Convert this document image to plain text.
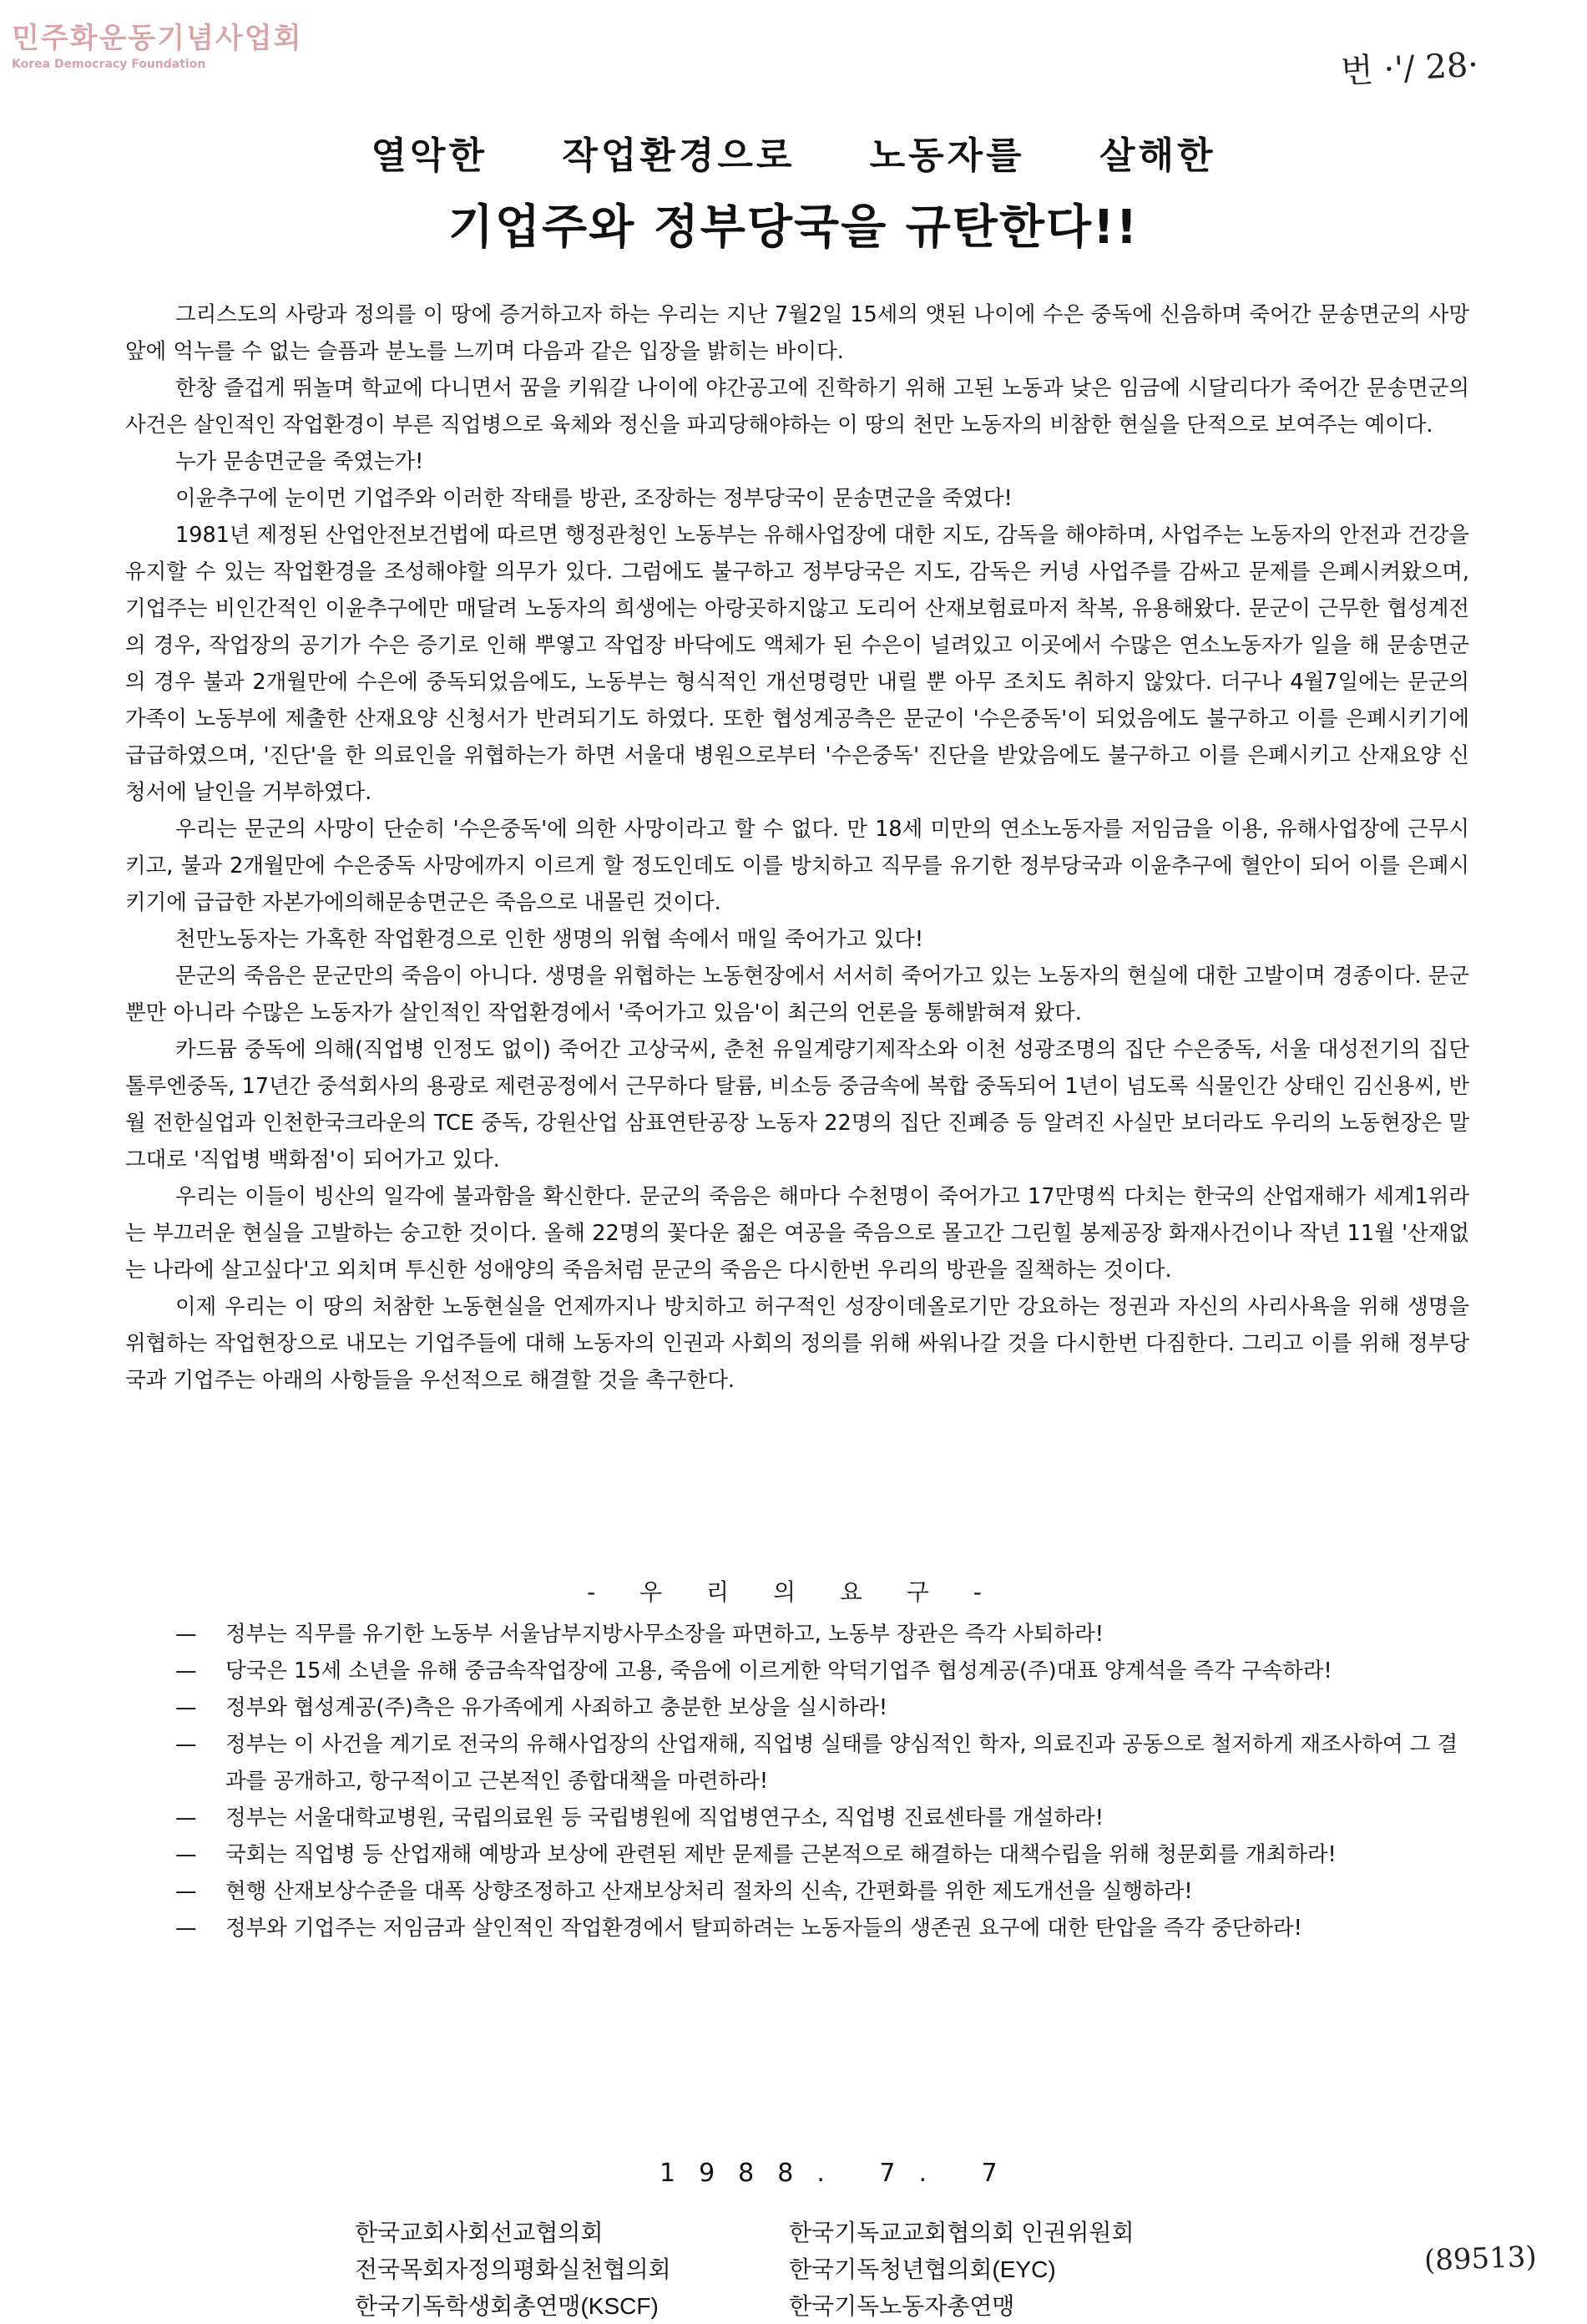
민주화운동기념사업회
Korea Democracy Foundation	번 ·'/ 28·
열악한 작업환경으로 노동자를 살해한
기업주와 정부당국을 규탄한다!!

그리스도의 사랑과 정의를 이 땅에 증거하고자 하는 우리는 지난 7월2일 15세의 앳된 나이에 수은 중독에 신음하며 죽어간 문송면군의 사망앞에 억누를 수 없는 슬픔과 분노를 느끼며 다음과 같은 입장을 밝히는 바이다.

한창 즐겁게 뛰놀며 학교에 다니면서 꿈을 키워갈 나이에 야간공고에 진학하기 위해 고된 노동과 낮은 임금에 시달리다가 죽어간 문송면군의 사건은 살인적인 작업환경이 부른 직업병으로 육체와 정신을 파괴당해야하는 이 땅의 천만 노동자의 비참한 현실을 단적으로 보여주는 예이다.

누가 문송면군을 죽였는가!

이윤추구에 눈이먼 기업주와 이러한 작태를 방관, 조장하는 정부당국이 문송면군을 죽였다!

1981년 제정된 산업안전보건법에 따르면 행정관청인 노동부는 유해사업장에 대한 지도, 감독을 해야하며, 사업주는 노동자의 안전과 건강을 유지할 수 있는 작업환경을 조성해야할 의무가 있다. 그럼에도 불구하고 정부당국은 지도, 감독은 커녕 사업주를 감싸고 문제를 은폐시켜왔으며, 기업주는 비인간적인 이윤추구에만 매달려 노동자의 희생에는 아랑곳하지않고 도리어 산재보험료마저 착복, 유용해왔다. 문군이 근무한 협성계전의 경우, 작업장의 공기가 수은 증기로 인해 뿌옇고 작업장 바닥에도 액체가 된 수은이 널려있고 이곳에서 수많은 연소노동자가 일을 해 문송면군의 경우 불과 2개월만에 수은에 중독되었음에도, 노동부는 형식적인 개선명령만 내릴 뿐 아무 조치도 취하지 않았다. 더구나 4월7일에는 문군의 가족이 노동부에 제출한 산재요양 신청서가 반려되기도 하였다. 또한 협성계공측은 문군이 '수은중독'이 되었음에도 불구하고 이를 은폐시키기에 급급하였으며, '진단'을 한 의료인을 위협하는가 하면 서울대 병원으로부터 '수은중독' 진단을 받았음에도 불구하고 이를 은폐시키고 산재요양 신청서에 날인을 거부하였다.

우리는 문군의 사망이 단순히 '수은중독'에 의한 사망이라고 할 수 없다. 만 18세 미만의 연소노동자를 저임금을 이용, 유해사업장에 근무시키고, 불과 2개월만에 수은중독 사망에까지 이르게 할 정도인데도 이를 방치하고 직무를 유기한 정부당국과 이윤추구에 혈안이 되어 이를 은폐시키기에 급급한 자본가에의해문송면군은 죽음으로 내몰린 것이다.

천만노동자는 가혹한 작업환경으로 인한 생명의 위협 속에서 매일 죽어가고 있다!

문군의 죽음은 문군만의 죽음이 아니다. 생명을 위협하는 노동현장에서 서서히 죽어가고 있는 노동자의 현실에 대한 고발이며 경종이다. 문군뿐만 아니라 수많은 노동자가 살인적인 작업환경에서 '죽어가고 있음'이 최근의 언론을 통해밝혀져 왔다.

카드뮴 중독에 의해(직업병 인정도 없이) 죽어간 고상국씨, 춘천 유일계량기제작소와 이천 성광조명의 집단 수은중독, 서울 대성전기의 집단 톨루엔중독, 17년간 중석회사의 용광로 제련공정에서 근무하다 탈륨, 비소등 중금속에 복합 중독되어 1년이 넘도록 식물인간 상태인 김신용씨, 반월 전한실업과 인천한국크라운의 TCE 중독, 강원산업 삼표연탄공장 노동자 22명의 집단 진폐증 등 알려진 사실만 보더라도 우리의 노동현장은 말 그대로 '직업병 백화점'이 되어가고 있다.

우리는 이들이 빙산의 일각에 불과함을 확신한다. 문군의 죽음은 해마다 수천명이 죽어가고 17만명씩 다치는 한국의 산업재해가 세계1위라는 부끄러운 현실을 고발하는 숭고한 것이다. 올해 22명의 꽃다운 젊은 여공을 죽음으로 몰고간 그린힐 봉제공장 화재사건이나 작년 11월 '산재없는 나라에 살고싶다'고 외치며 투신한 성애양의 죽음처럼 문군의 죽음은 다시한번 우리의 방관을 질책하는 것이다.

이제 우리는 이 땅의 처참한 노동현실을 언제까지나 방치하고 허구적인 성장이데올로기만 강요하는 정권과 자신의 사리사욕을 위해 생명을 위협하는 작업현장으로 내모는 기업주들에 대해 노동자의 인권과 사회의 정의를 위해 싸워나갈 것을 다시한번 다짐한다. 그리고 이를 위해 정부당국과 기업주는 아래의 사항들을 우선적으로 해결할 것을 촉구한다.

- 우 리 의 요 구 -
— 정부는 직무를 유기한 노동부 서울남부지방사무소장을 파면하고, 노동부 장관은 즉각 사퇴하라!
— 당국은 15세 소년을 유해 중금속작업장에 고용, 죽음에 이르게한 악덕기업주 협성계공(주)대표 양계석을 즉각 구속하라!
— 정부와 협성계공(주)측은 유가족에게 사죄하고 충분한 보상을 실시하라!
— 정부는 이 사건을 계기로 전국의 유해사업장의 산업재해, 직업병 실태를 양심적인 학자, 의료진과 공동으로 철저하게 재조사하여 그 결과를 공개하고, 항구적이고 근본적인 종합대책을 마련하라!
— 정부는 서울대학교병원, 국립의료원 등 국립병원에 직업병연구소, 직업병 진료센타를 개설하라!
— 국회는 직업병 등 산업재해 예방과 보상에 관련된 제반 문제를 근본적으로 해결하는 대책수립을 위해 청문회를 개최하라!
— 현행 산재보상수준을 대폭 상향조정하고 산재보상처리 절차의 신속, 간편화를 위한 제도개선을 실행하라!
— 정부와 기업주는 저임금과 살인적인 작업환경에서 탈피하려는 노동자들의 생존권 요구에 대한 탄압을 즉각 중단하라!
1988. 7. 7
한국교회사회선교협의회	한국기독교교회협의회 인권위원회
전국목회자정의평화실천협의회	한국기독청년협의회(EYC)
한국기독학생회총연맹(KSCF)	한국기독노동자총연맹
(89513)
